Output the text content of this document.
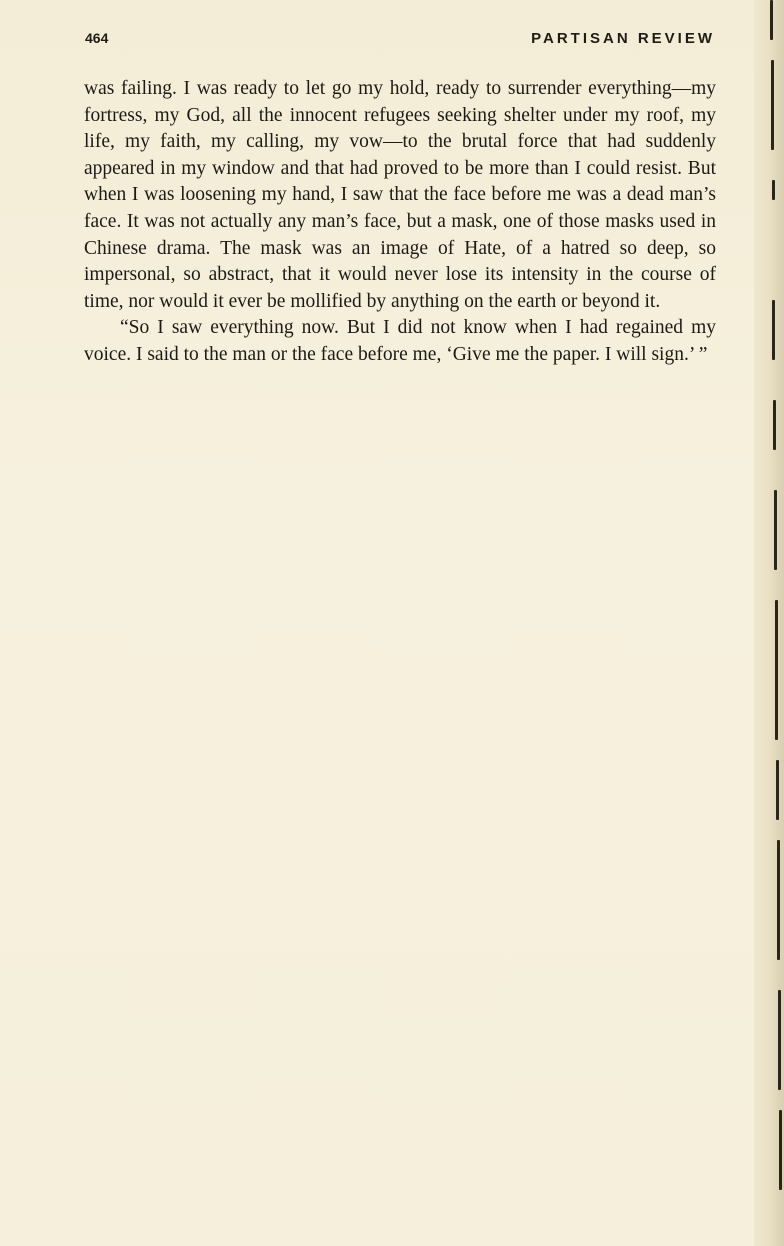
464	PARTISAN REVIEW

was failing. I was ready to let go my hold, ready to surrender everything—my fortress, my God, all the innocent refugees seeking shelter under my roof, my life, my faith, my calling, my vow—to the brutal force that had suddenly appeared in my window and that had proved to be more than I could resist. But when I was loosening my hand, I saw that the face before me was a dead man’s face. It was not actually any man’s face, but a mask, one of those masks used in Chinese drama. The mask was an image of Hate, of a hatred so deep, so impersonal, so abstract, that it would never lose its intensity in the course of time, nor would it ever be mollified by anything on the earth or beyond it.

“So I saw everything now. But I did not know when I had regained my voice. I said to the man or the face before me, ‘Give me the paper. I will sign.’ ”
